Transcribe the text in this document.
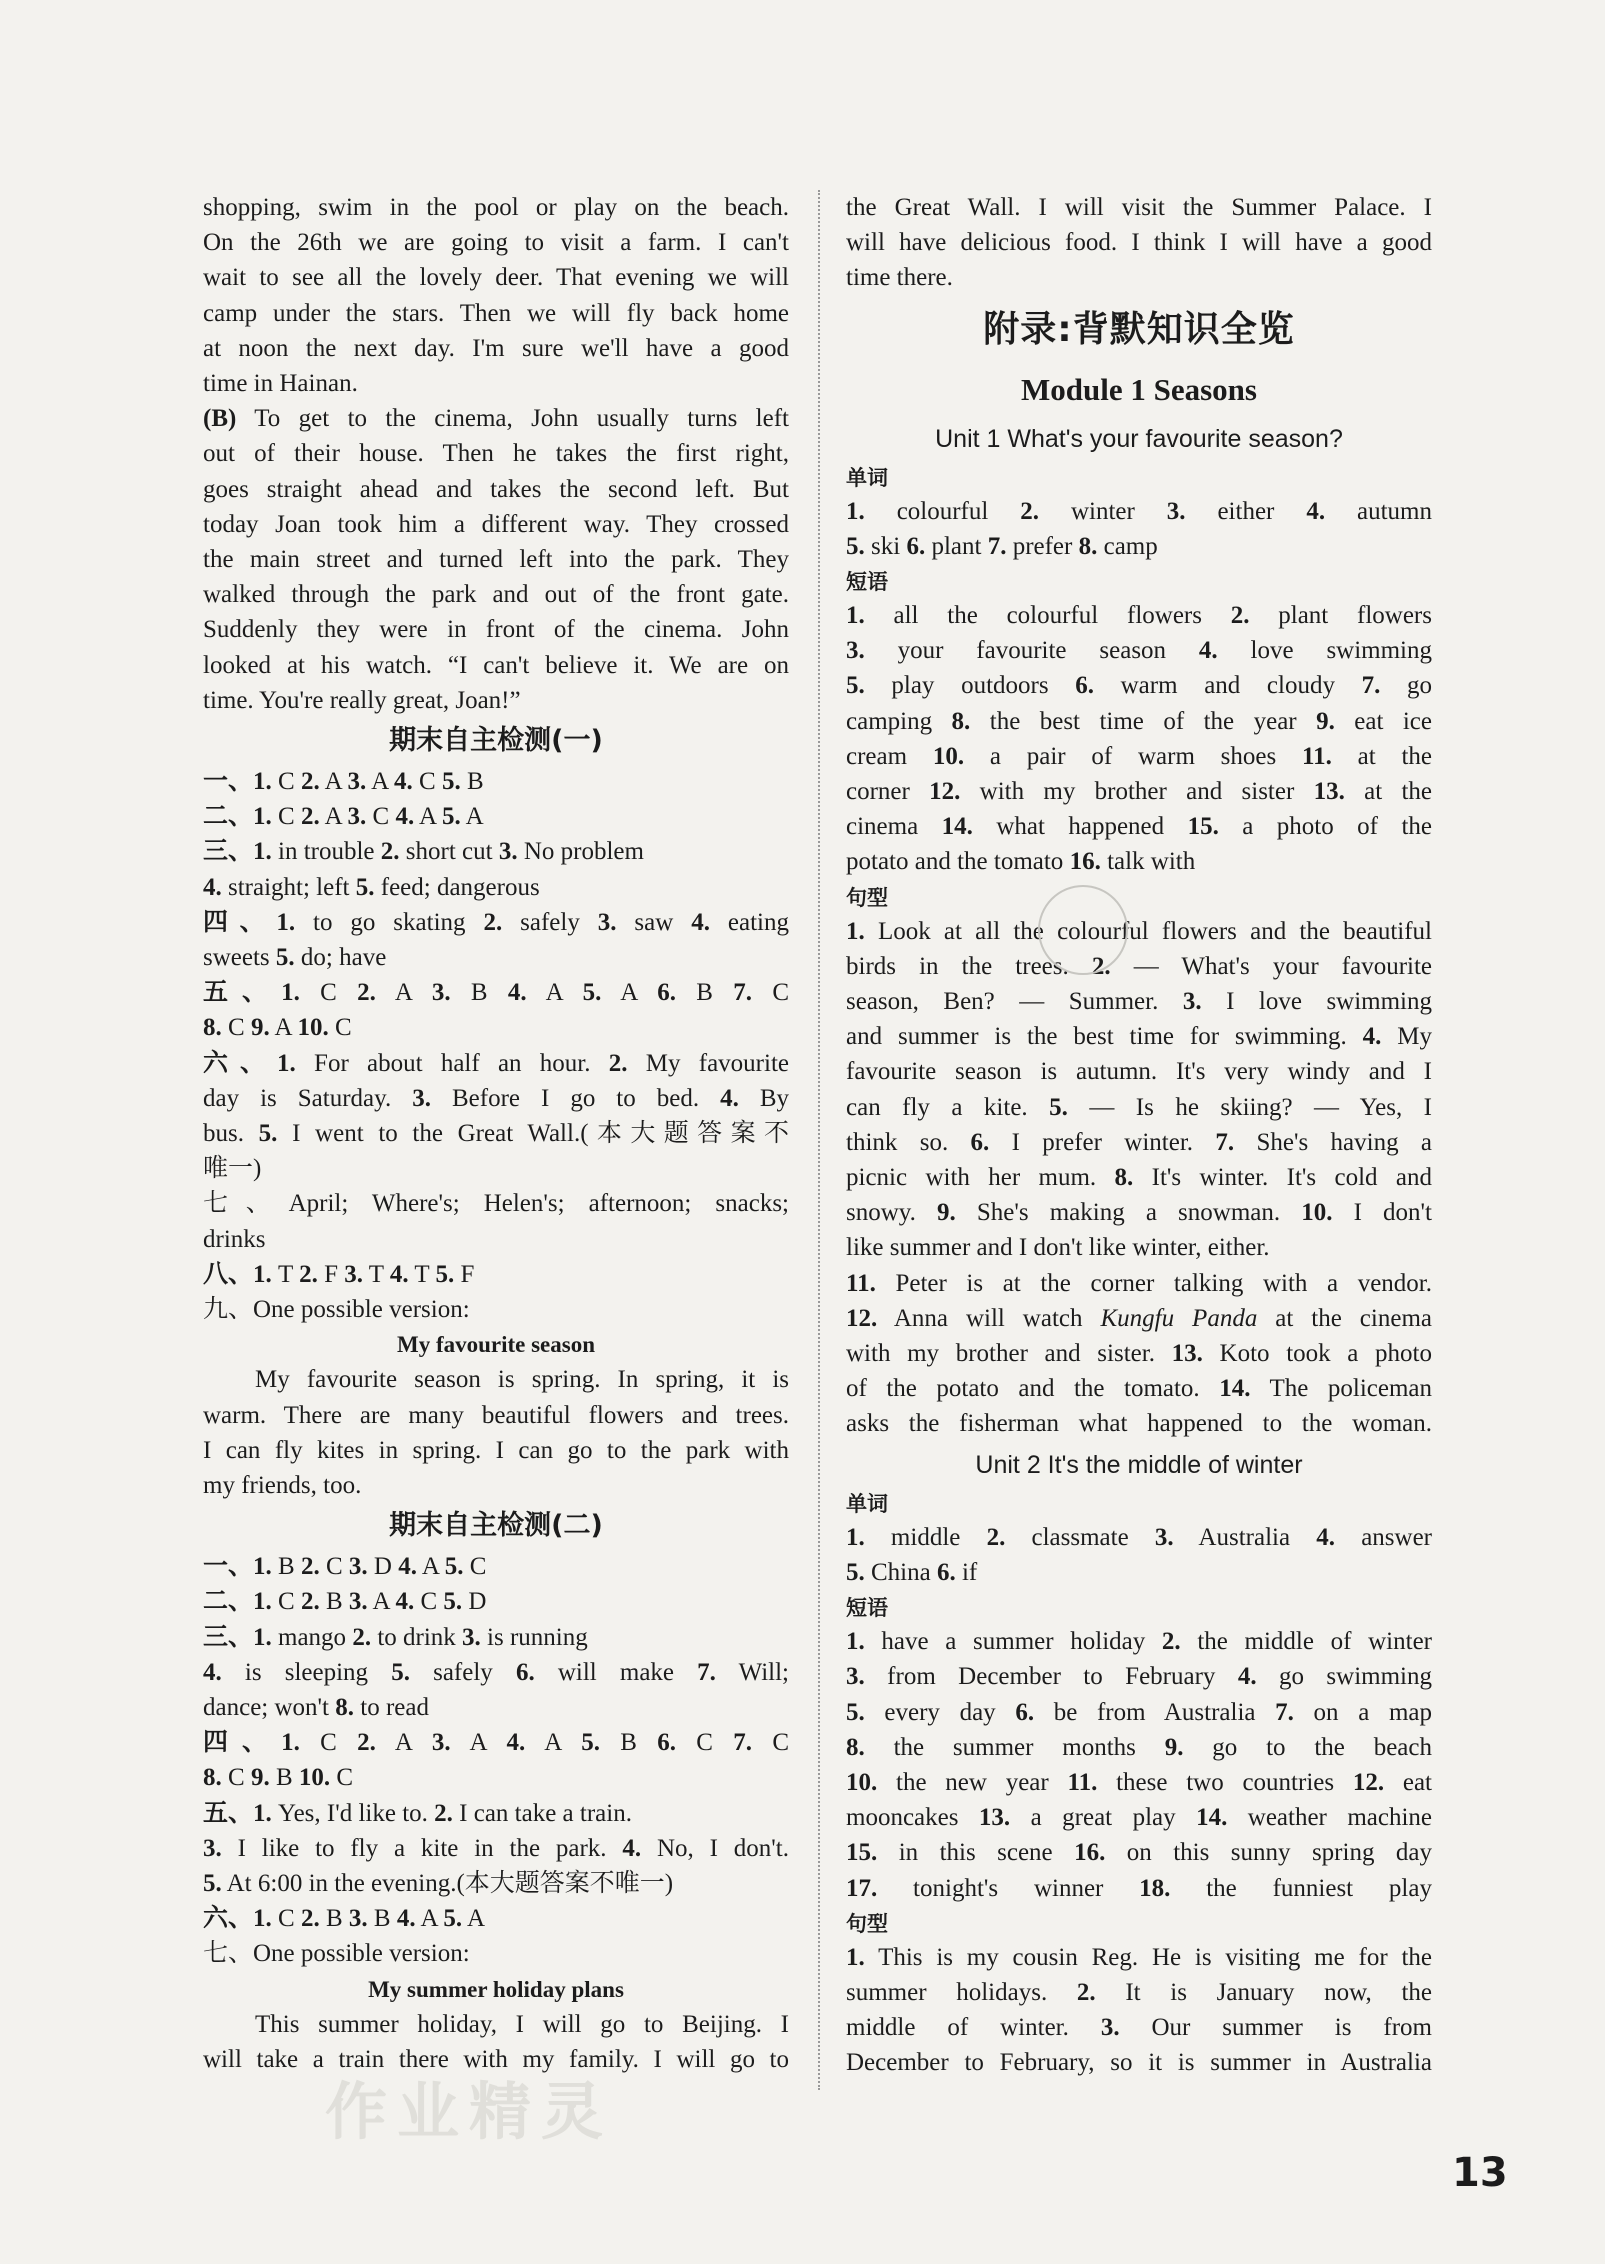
shopping, swim in the pool or play on the beach.

On the 26th we are going to visit a farm. I can't

wait to see all the lovely deer. That evening we will

camp under the stars. Then we will fly back home

at noon the next day. I'm sure we'll have a good

time in Hainan.

(B) To get to the cinema, John usually turns left

out of their house. Then he takes the first right,

goes straight ahead and takes the second left. But

today Joan took him a different way. They crossed

the main street and turned left into the park. They

walked through the park and out of the front gate.

Suddenly they were in front of the cinema. John

looked at his watch. “I can't believe it. We are on

time. You're really great, Joan!”

期末自主检测(一)

一、1. C 2. A 3. A 4. C 5. B

二、1. C 2. A 3. C 4. A 5. A

三、1. in trouble 2. short cut 3. No problem

4. straight; left 5. feed; dangerous

四、1. to go skating 2. safely 3. saw 4. eating

sweets 5. do; have

五、1. C 2. A 3. B 4. A 5. A 6. B 7. C

8. C 9. A 10. C

六、1. For about half an hour. 2. My favourite

day is Saturday. 3. Before I go to bed. 4. By

bus. 5. I went to the Great Wall.(本大题答案不

唯一)

七、April; Where's; Helen's; afternoon; snacks;

drinks

八、1. T 2. F 3. T 4. T 5. F

九、One possible version:

My favourite season

My favourite season is spring. In spring, it is

warm. There are many beautiful flowers and trees.

I can fly kites in spring. I can go to the park with

my friends, too.

期末自主检测(二)

一、1. B 2. C 3. D 4. A 5. C

二、1. C 2. B 3. A 4. C 5. D

三、1. mango 2. to drink 3. is running

4. is sleeping 5. safely 6. will make 7. Will;

dance; won't 8. to read

四、1. C 2. A 3. A 4. A 5. B 6. C 7. C

8. C 9. B 10. C

五、1. Yes, I'd like to. 2. I can take a train.

3. I like to fly a kite in the park. 4. No, I don't.

5. At 6:00 in the evening.(本大题答案不唯一)

六、1. C 2. B 3. B 4. A 5. A

七、One possible version:

My summer holiday plans

This summer holiday, I will go to Beijing. I

will take a train there with my family. I will go to

the Great Wall. I will visit the Summer Palace. I

will have delicious food. I think I will have a good

time there.

附录:背默知识全览
Module 1 Seasons
Unit 1 What's your favourite season?
单词

1. colourful 2. winter 3. either 4. autumn

5. ski 6. plant 7. prefer 8. camp

短语

1. all the colourful flowers 2. plant flowers

3. your favourite season 4. love swimming

5. play outdoors 6. warm and cloudy 7. go

camping 8. the best time of the year 9. eat ice

cream 10. a pair of warm shoes 11. at the

corner 12. with my brother and sister 13. at the

cinema 14. what happened 15. a photo of the

potato and the tomato 16. talk with

句型

1. Look at all the colourful flowers and the beautiful

birds in the trees. 2. — What's your favourite

season, Ben? — Summer. 3. I love swimming

and summer is the best time for swimming. 4. My

favourite season is autumn. It's very windy and I

can fly a kite. 5. — Is he skiing? — Yes, I

think so. 6. I prefer winter. 7. She's having a

picnic with her mum. 8. It's winter. It's cold and

snowy. 9. She's making a snowman. 10. I don't

like summer and I don't like winter, either.

11. Peter is at the corner talking with a vendor.

12. Anna will watch Kungfu Panda at the cinema

with my brother and sister. 13. Koto took a photo

of the potato and the tomato. 14. The policeman

asks the fisherman what happened to the woman.

Unit 2 It's the middle of winter
单词

1. middle 2. classmate 3. Australia 4. answer

5. China 6. if

短语

1. have a summer holiday 2. the middle of winter

3. from December to February 4. go swimming

5. every day 6. be from Australia 7. on a map

8. the summer months 9. go to the beach

10. the new year 11. these two countries 12. eat

mooncakes 13. a great play 14. weather machine

15. in this scene 16. on this sunny spring day

17. tonight's winner 18. the funniest play

句型

1. This is my cousin Reg. He is visiting me for the

summer holidays. 2. It is January now, the

middle of winter. 3. Our summer is from

December to February, so it is summer in Australia

作业精灵
13
